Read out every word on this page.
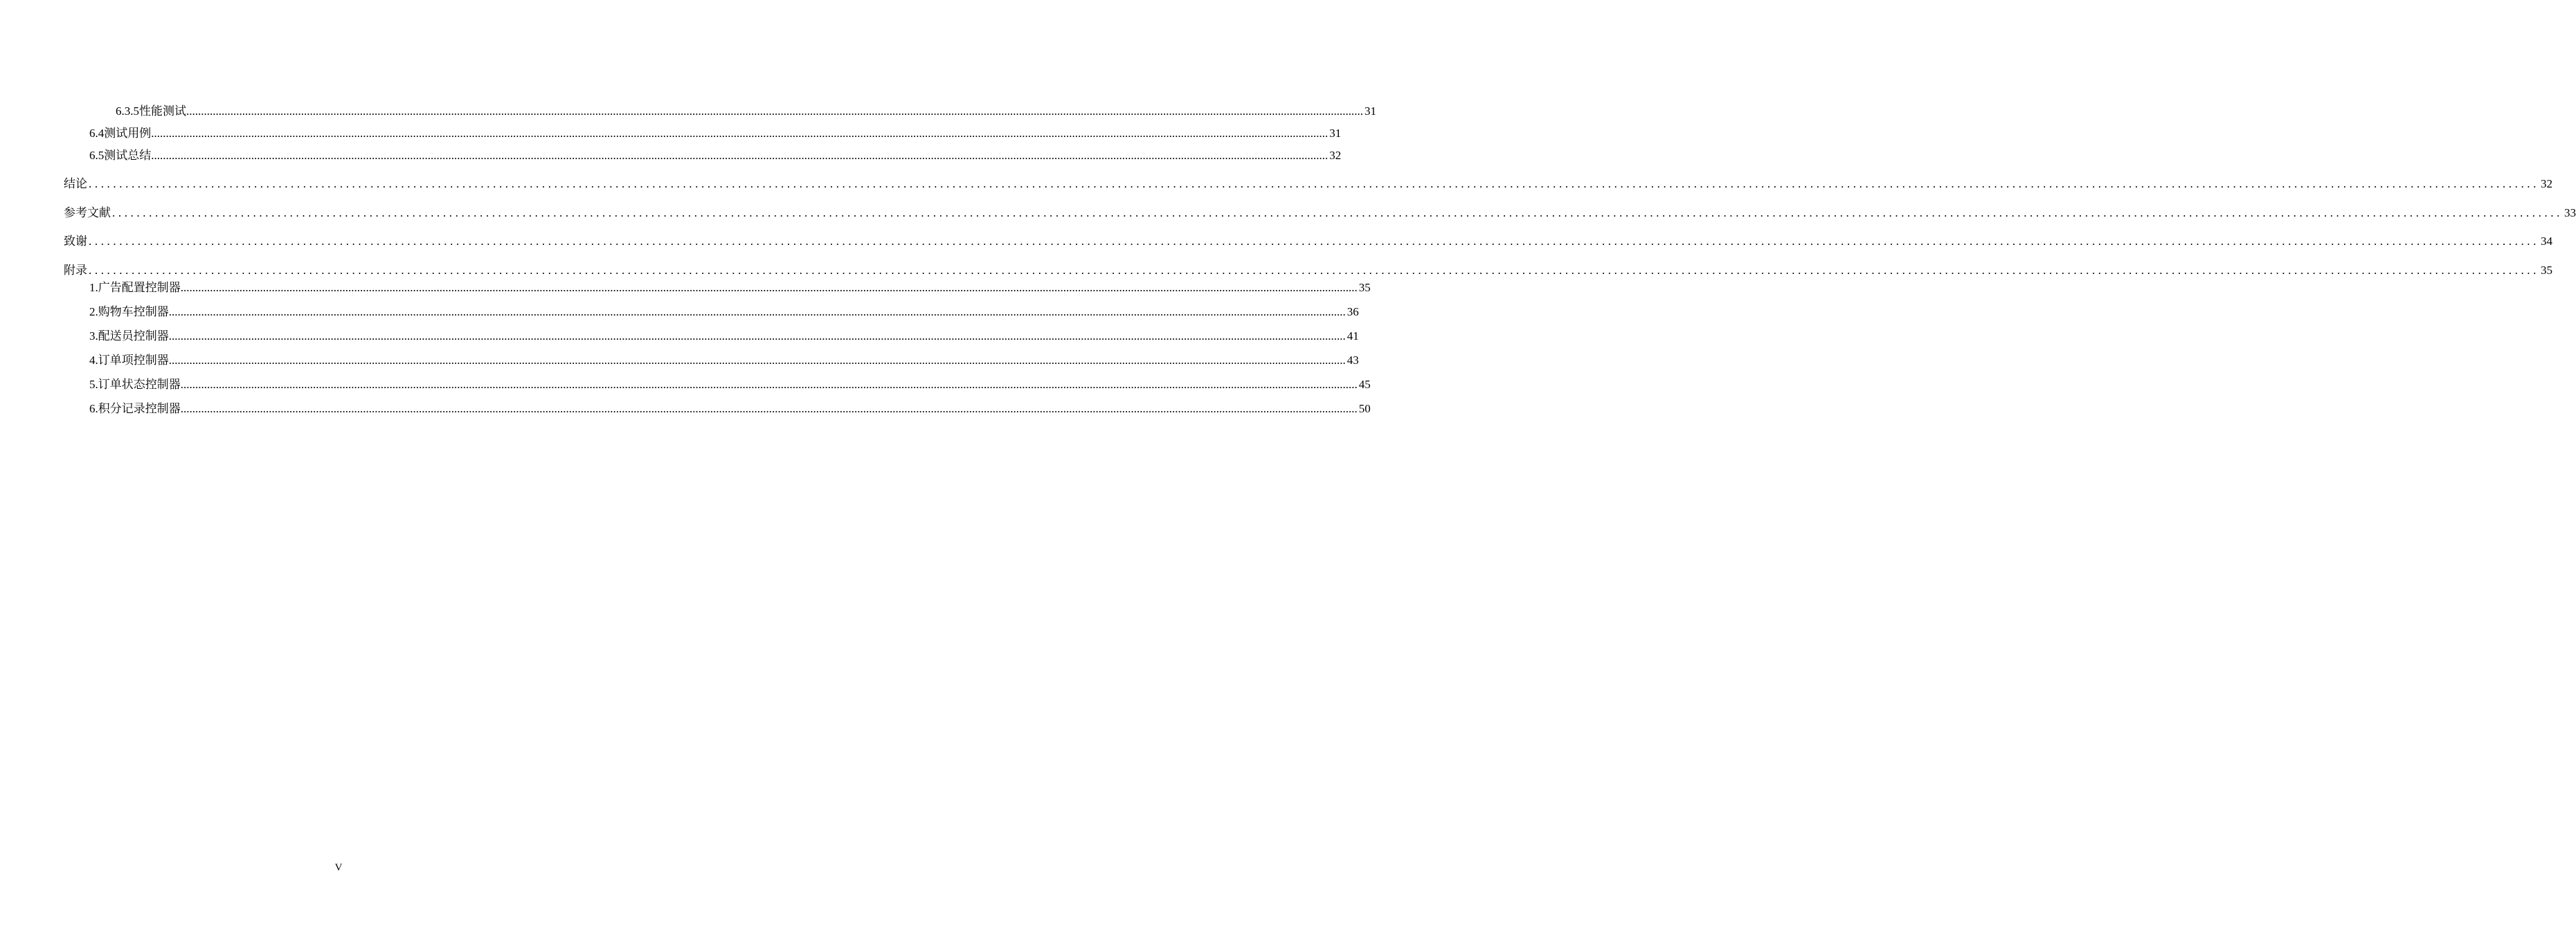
6.3.5 性能测试 ................................................................................................................................................................................................................................................................................................................................................................................................................ 31
6.4 测试用例 ................................................................................................................................................................................................................................................................................................................................................................................................................ 31
6.5 测试总结 ................................................................................................................................................................................................................................................................................................................................................................................................................ 32
结论 ................................................................................................................................................................................................................................................................................................................................................................................................................ 32
参考文献 ................................................................................................................................................................................................................................................................................................................................................................................................................ 33
致谢 ................................................................................................................................................................................................................................................................................................................................................................................................................ 34
附录 ................................................................................................................................................................................................................................................................................................................................................................................................................ 35
1.广告配置控制器 ................................................................................................................................................................................................................................................................................................................................................................................................................ 35
2.购物车控制器 ................................................................................................................................................................................................................................................................................................................................................................................................................ 36
3.配送员控制器 ................................................................................................................................................................................................................................................................................................................................................................................................................ 41
4.订单项控制器 ................................................................................................................................................................................................................................................................................................................................................................................................................ 43
5.订单状态控制器 ................................................................................................................................................................................................................................................................................................................................................................................................................ 45
6.积分记录控制器 ................................................................................................................................................................................................................................................................................................................................................................................................................ 50
V
